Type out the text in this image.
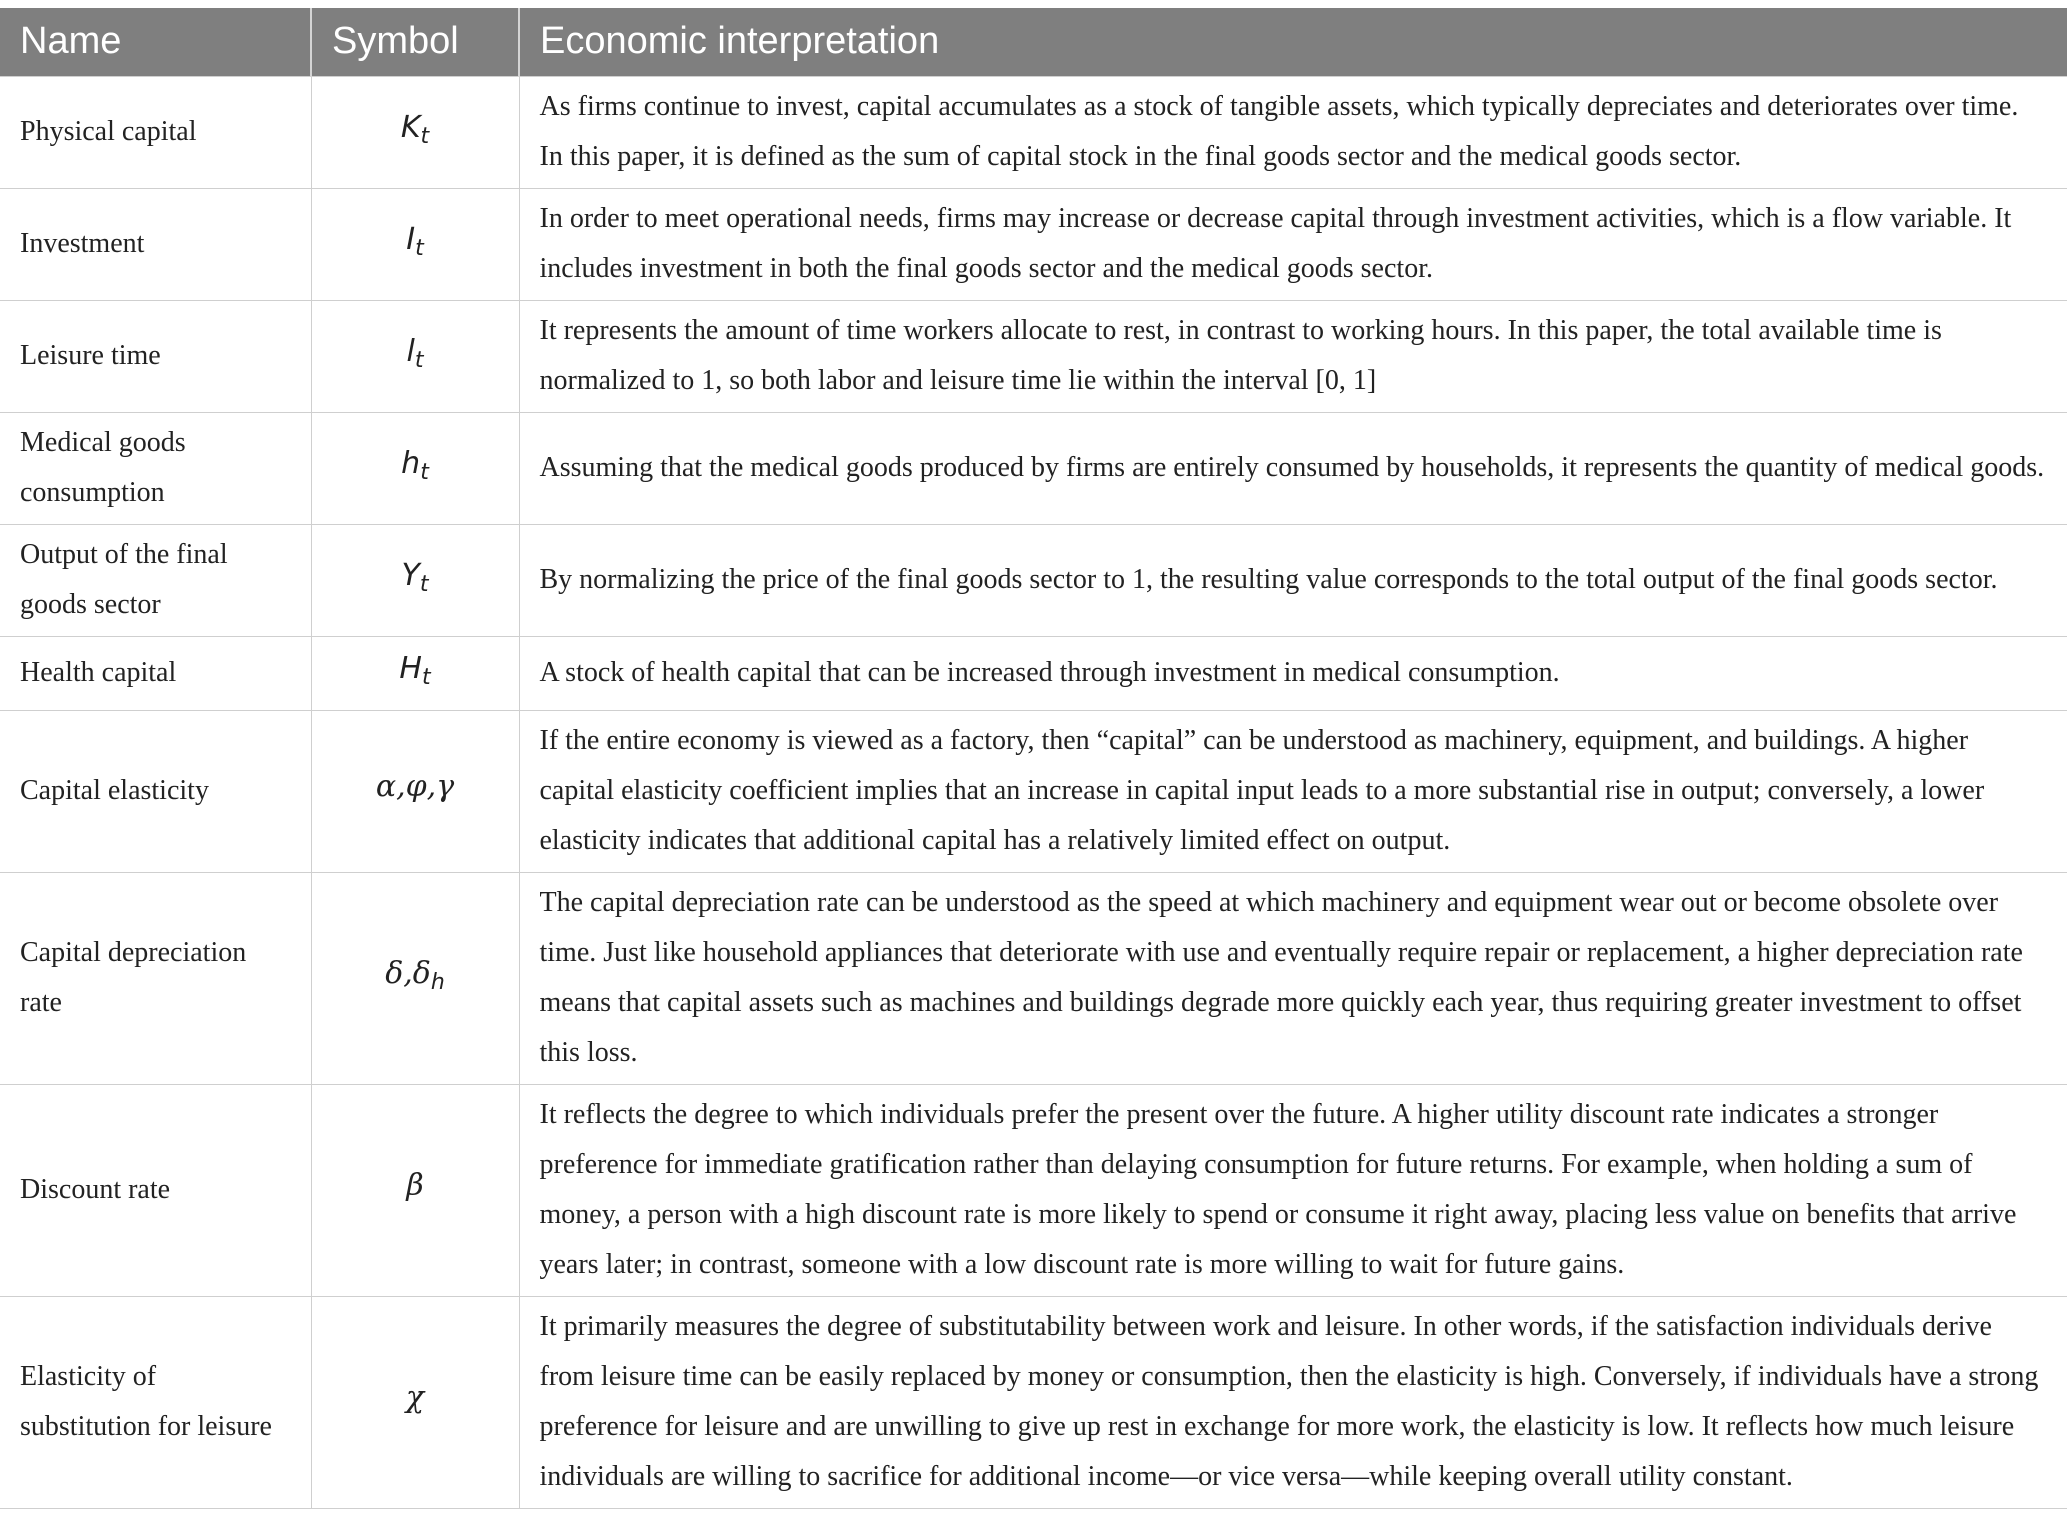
Name	Symbol	Economic interpretation
Physical capital	$K_t$	As firms continue to invest, capital accumulates as a stock of tangible assets, which typically depreciates and deteriorates over time. In this paper, it is defined as the sum of capital stock in the final goods sector and the medical goods sector.
Investment	$I_t$	In order to meet operational needs, firms may increase or decrease capital through investment activities, which is a flow variable. It includes investment in both the final goods sector and the medical goods sector.
Leisure time	$l_t$	It represents the amount of time workers allocate to rest, in contrast to working hours. In this paper, the total available time is normalized to 1, so both labor and leisure time lie within the interval [0, 1]
Medical goods consumption	$h_t$	Assuming that the medical goods produced by firms are entirely consumed by households, it represents the quantity of medical goods.
Output of the final goods sector	$Y_t$	By normalizing the price of the final goods sector to 1, the resulting value corresponds to the total output of the final goods sector.
Health capital	$H_t$	A stock of health capital that can be increased through investment in medical consumption.
Capital elasticity	α,φ,γ	If the entire economy is viewed as a factory, then “capital” can be understood as machinery, equipment, and buildings. A higher capital elasticity coefficient implies that an increase in capital input leads to a more substantial rise in output; conversely, a lower elasticity indicates that additional capital has a relatively limited effect on output.
Capital depreciation rate	$\delta,\delta_h$	The capital depreciation rate can be understood as the speed at which machinery and equipment wear out or become obsolete over time. Just like household appliances that deteriorate with use and eventually require repair or replacement, a higher depreciation rate means that capital assets such as machines and buildings degrade more quickly each year, thus requiring greater investment to offset this loss.
Discount rate	β	It reflects the degree to which individuals prefer the present over the future. A higher utility discount rate indicates a stronger preference for immediate gratification rather than delaying consumption for future returns. For example, when holding a sum of money, a person with a high discount rate is more likely to spend or consume it right away, placing less value on benefits that arrive years later; in contrast, someone with a low discount rate is more willing to wait for future gains.
Elasticity of substitution for leisure	χ	It primarily measures the degree of substitutability between work and leisure. In other words, if the satisfaction individuals derive from leisure time can be easily replaced by money or consumption, then the elasticity is high. Conversely, if individuals have a strong preference for leisure and are unwilling to give up rest in exchange for more work, the elasticity is low. It reflects how much leisure individuals are willing to sacrifice for additional income—or vice versa—while keeping overall utility constant.
